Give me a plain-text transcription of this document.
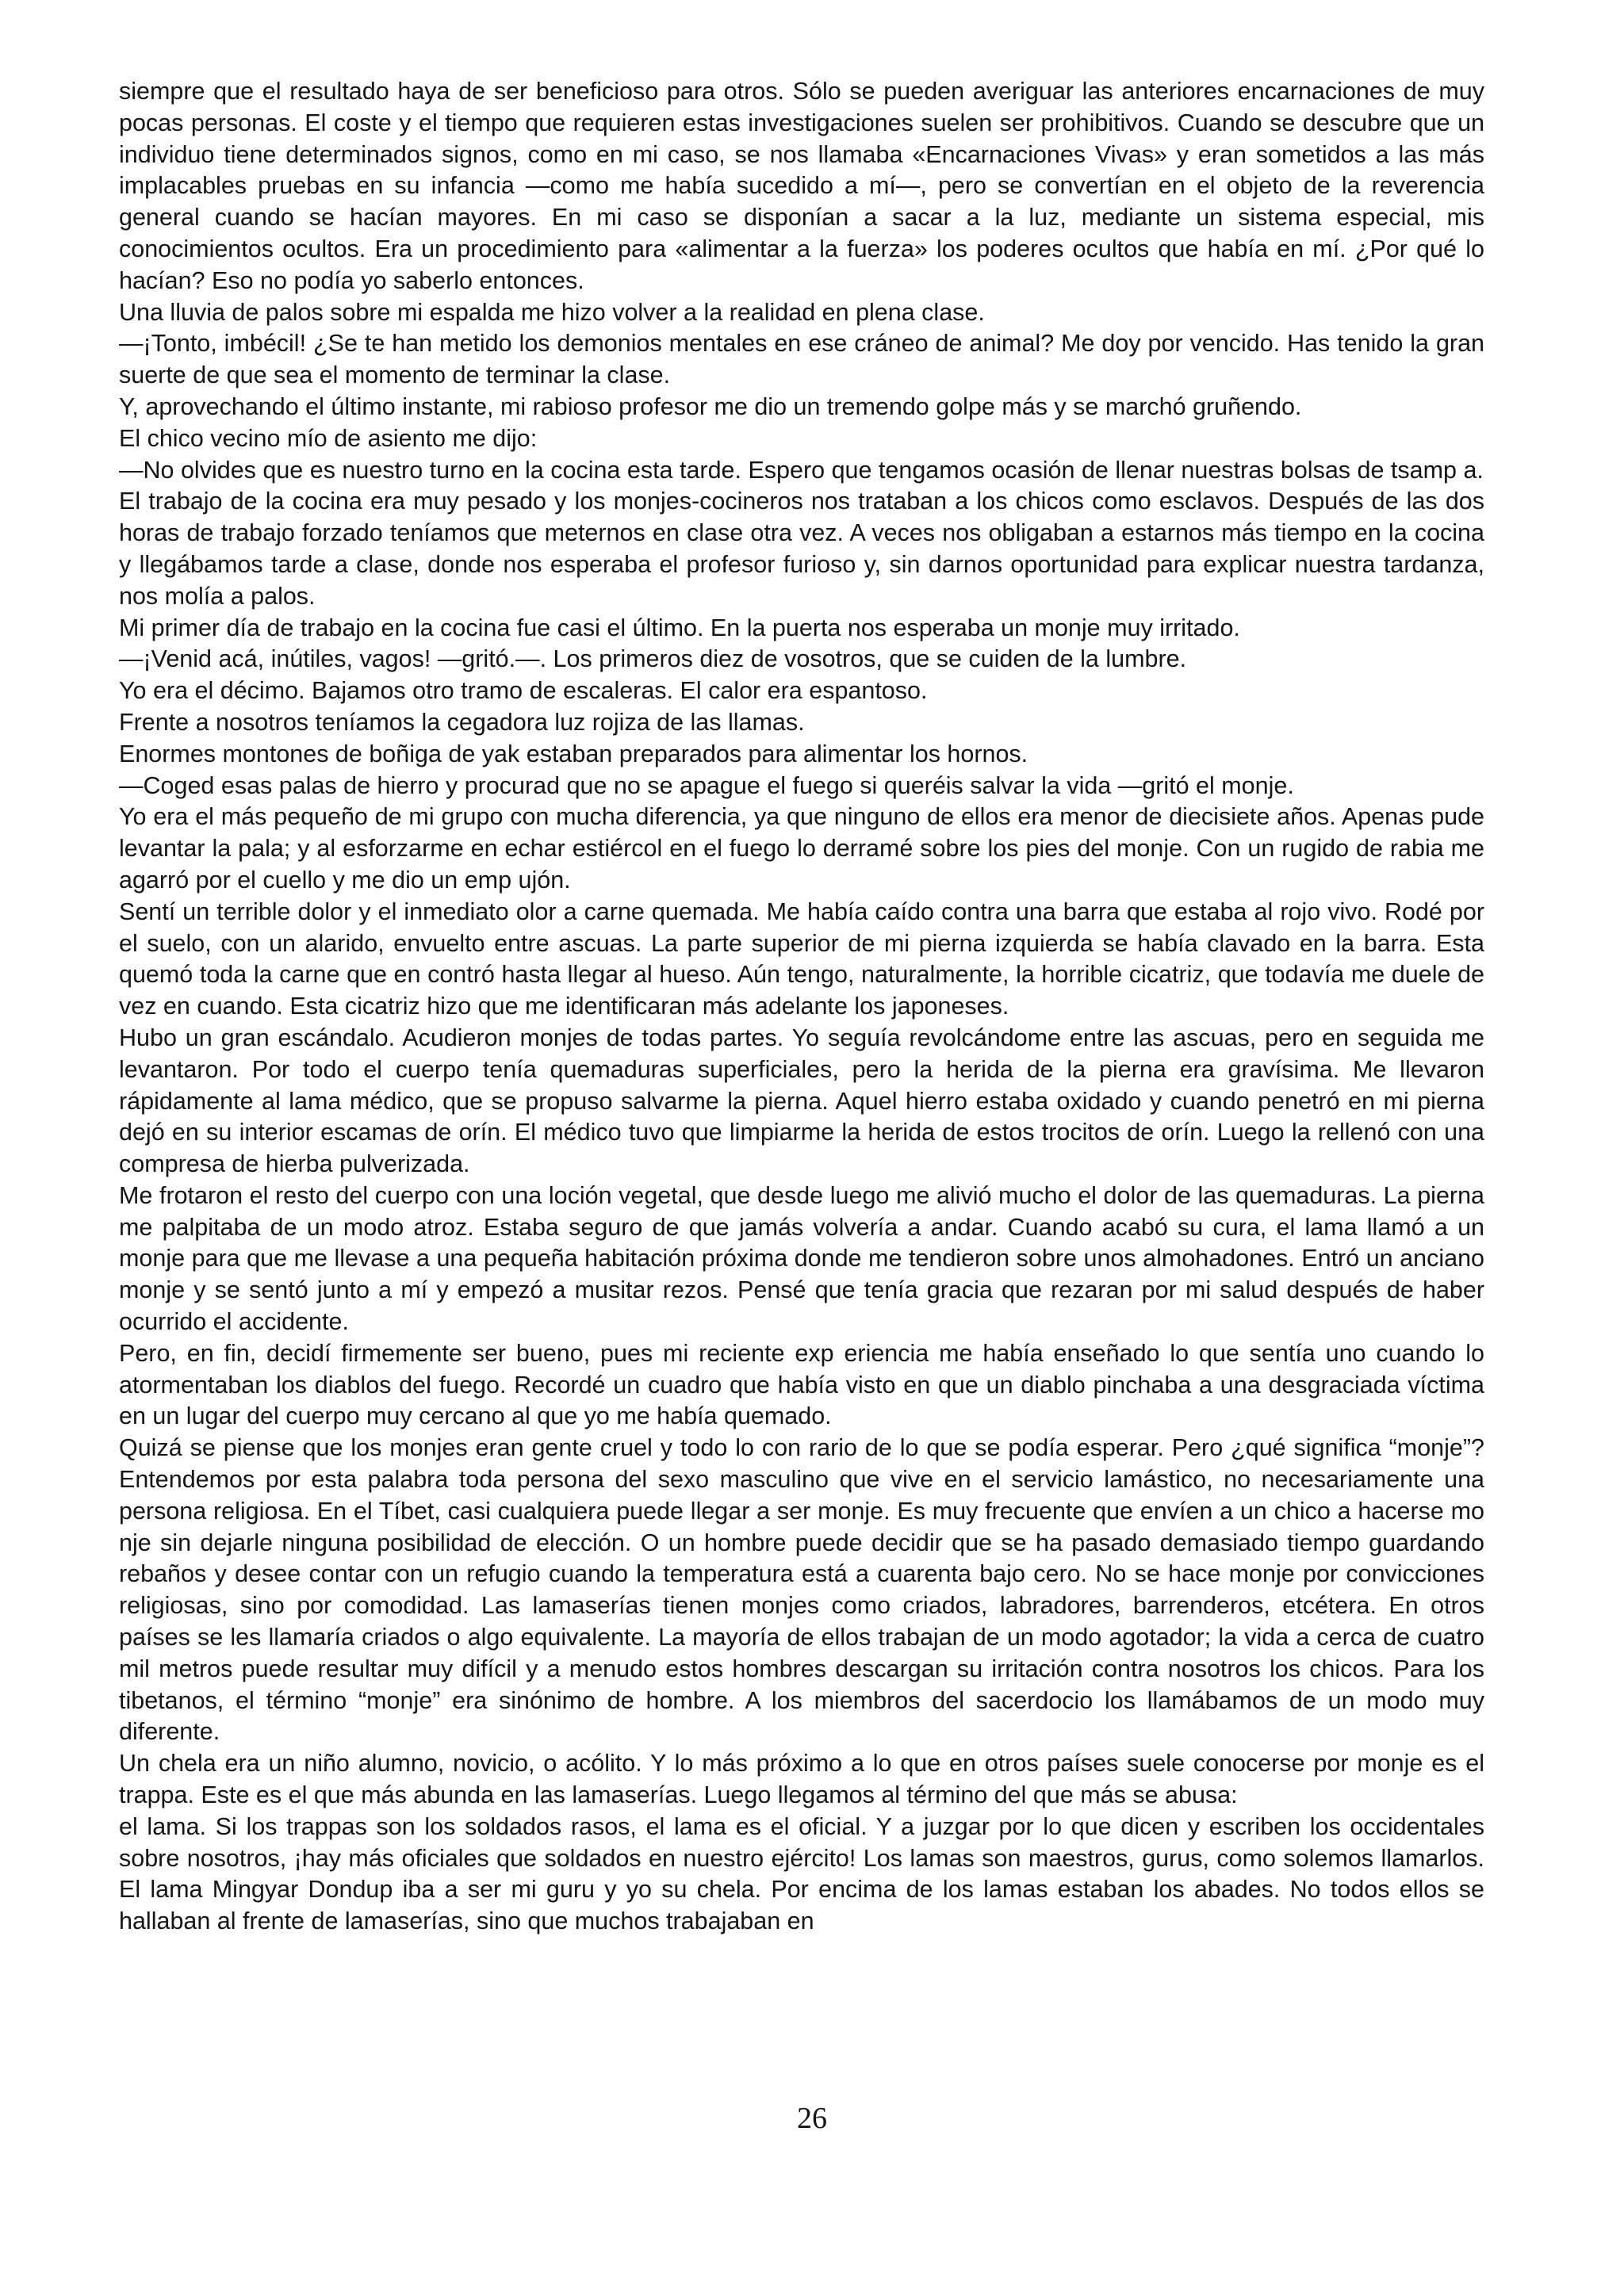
siempre que el resultado haya de ser beneficioso para otros. Sólo se pueden averiguar las anteriores encarnaciones de muy pocas personas. El coste y el tiempo que requieren estas investigaciones suelen ser prohibitivos. Cuando se descubre que un individuo tiene determinados signos, como en mi caso, se nos llamaba «Encarnaciones Vivas» y eran sometidos a las más implacables pruebas en su infancia —como me había sucedido a mí—, pero se convertían en el objeto de la reverencia general cuando se hacían mayores. En mi caso se disponían a sacar a la luz, mediante un sistema especial, mis conocimientos ocultos. Era un procedimiento para «alimentar a la fuerza» los poderes ocultos que había en mí. ¿Por qué lo hacían? Eso no podía yo saberlo entonces.

Una lluvia de palos sobre mi espalda me hizo volver a la realidad en plena clase.

—¡Tonto, imbécil! ¿Se te han metido los demonios mentales en ese cráneo de animal? Me doy por vencido. Has tenido la gran suerte de que sea el momento de terminar la clase.

Y, aprovechando el último instante, mi rabioso profesor me dio un tremendo golpe más y se marchó gruñendo.

El chico vecino mío de asiento me dijo:

—No olvides que es nuestro turno en la cocina esta tarde. Espero que tengamos ocasión de llenar nuestras bolsas de tsamp a.

El trabajo de la cocina era muy pesado y los monjes-cocineros nos trataban a los chicos como esclavos. Después de las dos horas de trabajo forzado teníamos que meternos en clase otra vez. A veces nos obligaban a estarnos más tiempo en la cocina y llegábamos tarde a clase, donde nos esperaba el profesor furioso y, sin darnos oportunidad para explicar nuestra tardanza, nos molía a palos.

Mi primer día de trabajo en la cocina fue casi el último. En la puerta nos esperaba un monje muy irritado.

—¡Venid acá, inútiles, vagos! —gritó.—. Los primeros diez de vosotros, que se cuiden de la lumbre.

Yo era el décimo. Bajamos otro tramo de escaleras. El calor era espantoso.

Frente a nosotros teníamos la cegadora luz rojiza de las llamas.

Enormes montones de boñiga de yak estaban preparados para alimentar los hornos.

—Coged esas palas de hierro y procurad que no se apague el fuego si queréis salvar la vida —gritó el monje.

Yo era el más pequeño de mi grupo con mucha diferencia, ya que ninguno de ellos era menor de diecisiete años. Apenas pude levantar la pala; y al esforzarme en echar estiércol en el fuego lo derramé sobre los pies del monje. Con un rugido de rabia me agarró por el cuello y me dio un emp ujón.

Sentí un terrible dolor y el inmediato olor a carne quemada. Me había caído contra una barra que estaba al rojo vivo. Rodé por el suelo, con un alarido, envuelto entre ascuas. La parte superior de mi pierna izquierda se había clavado en la barra. Esta quemó toda la carne que en contró hasta llegar al hueso. Aún tengo, naturalmente, la horrible cicatriz, que todavía me duele de vez en cuando. Esta cicatriz hizo que me identificaran más adelante los japoneses.

Hubo un gran escándalo. Acudieron monjes de todas partes. Yo seguía revolcándome entre las ascuas, pero en seguida me levantaron. Por todo el cuerpo tenía quemaduras superficiales, pero la herida de la pierna era gravísima. Me llevaron rápidamente al lama médico, que se propuso salvarme la pierna. Aquel hierro estaba oxidado y cuando penetró en mi pierna dejó en su interior escamas de orín. El médico tuvo que limpiarme la herida de estos trocitos de orín. Luego la rellenó con una compresa de hierba pulverizada.

Me frotaron el resto del cuerpo con una loción vegetal, que desde luego me alivió mucho el dolor de las quemaduras. La pierna me palpitaba de un modo atroz. Estaba seguro de que jamás volvería a andar. Cuando acabó su cura, el lama llamó a un monje para que me llevase a una pequeña habitación próxima donde me tendieron sobre unos almohadones. Entró un anciano monje y se sentó junto a mí y empezó a musitar rezos. Pensé que tenía gracia que rezaran por mi salud después de haber ocurrido el accidente.

Pero, en fin, decidí firmemente ser bueno, pues mi reciente exp eriencia me había enseñado lo que sentía uno cuando lo atormentaban los diablos del fuego. Recordé un cuadro que había visto en que un diablo pinchaba a una desgraciada víctima en un lugar del cuerpo muy cercano al que yo me había quemado.

Quizá se piense que los monjes eran gente cruel y todo lo con rario de lo que se podía esperar. Pero ¿qué significa “monje”? Entendemos por esta palabra toda persona del sexo masculino que vive en el servicio lamástico, no necesariamente una persona religiosa. En el Tíbet, casi cualquiera puede llegar a ser monje. Es muy frecuente que envíen a un chico a hacerse mo nje sin dejarle ninguna posibilidad de elección. O un hombre puede decidir que se ha pasado demasiado tiempo guardando rebaños y desee contar con un refugio cuando la temperatura está a cuarenta bajo cero. No se hace monje por convicciones religiosas, sino por comodidad. Las lamaserías tienen monjes como criados, labradores, barrenderos, etcétera. En otros países se les llamaría criados o algo equivalente. La mayoría de ellos trabajan de un modo agotador; la vida a cerca de cuatro mil metros puede resultar muy difícil y a menudo estos hombres descargan su irritación contra nosotros los chicos. Para los tibetanos, el término “monje” era sinónimo de hombre. A los miembros del sacerdocio los llamábamos de un modo muy diferente.

Un chela era un niño alumno, novicio, o acólito. Y lo más próximo a lo que en otros países suele conocerse por monje es el trappa. Este es el que más abunda en las lamaserías. Luego llegamos al término del que más se abusa:

el lama. Si los trappas son los soldados rasos, el lama es el oficial. Y a juzgar por lo que dicen y escriben los occidentales sobre nosotros, ¡hay más oficiales que soldados en nuestro ejército! Los lamas son maestros, gurus, como solemos llamarlos. El lama Mingyar Dondup iba a ser mi guru y yo su chela. Por encima de los lamas estaban los abades. No todos ellos se hallaban al frente de lamaserías, sino que muchos trabajaban en

26
